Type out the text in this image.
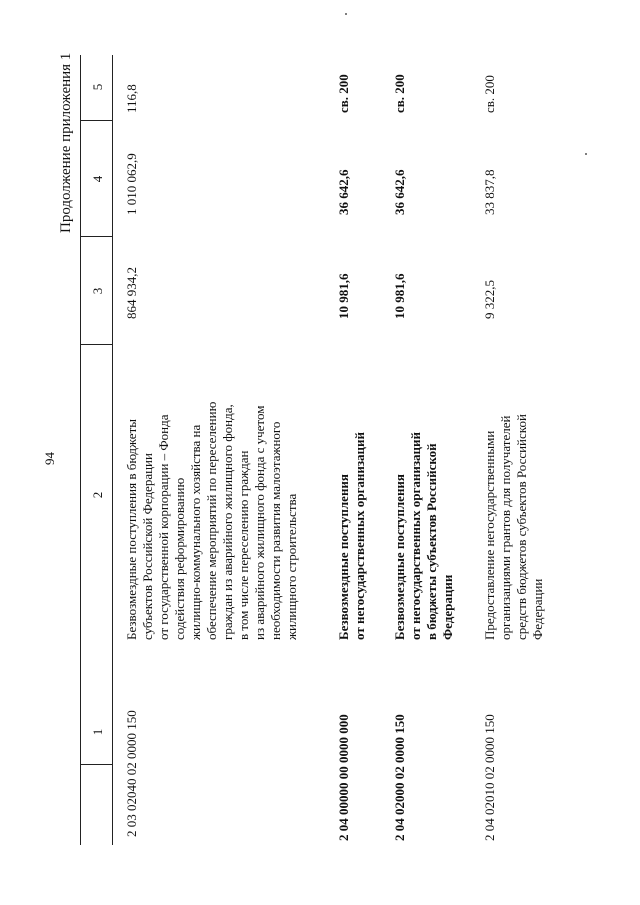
94
Продолжение приложения 1
1
2
3
4
5
2 03 02040 02 0000 150
Безвозмездные поступления в бюджеты субъектов Российской Федерации от государственной корпорации – Фонда содействия реформированию жилищно-коммунального хозяйства на обеспечение мероприятий по переселению граждан из аварийного жилищного фонда, в том числе переселению граждан из аварийного жилищного фонда с учетом необходимости развития малоэтажного жилищного строительства
864 934,2
1 010 062,9
116,8
2 04 00000 00 0000 000
Безвозмездные поступления от негосударственных организаций
10 981,6
36 642,6
св. 200
2 04 02000 02 0000 150
Безвозмездные поступления от негосударственных организаций в бюджеты субъектов Российской Федерации
10 981,6
36 642,6
св. 200
2 04 02010 02 0000 150
Предоставление негосударственными организациями грантов для получателей средств бюджетов субъектов Российской Федерации
9 322,5
33 837,8
св. 200
